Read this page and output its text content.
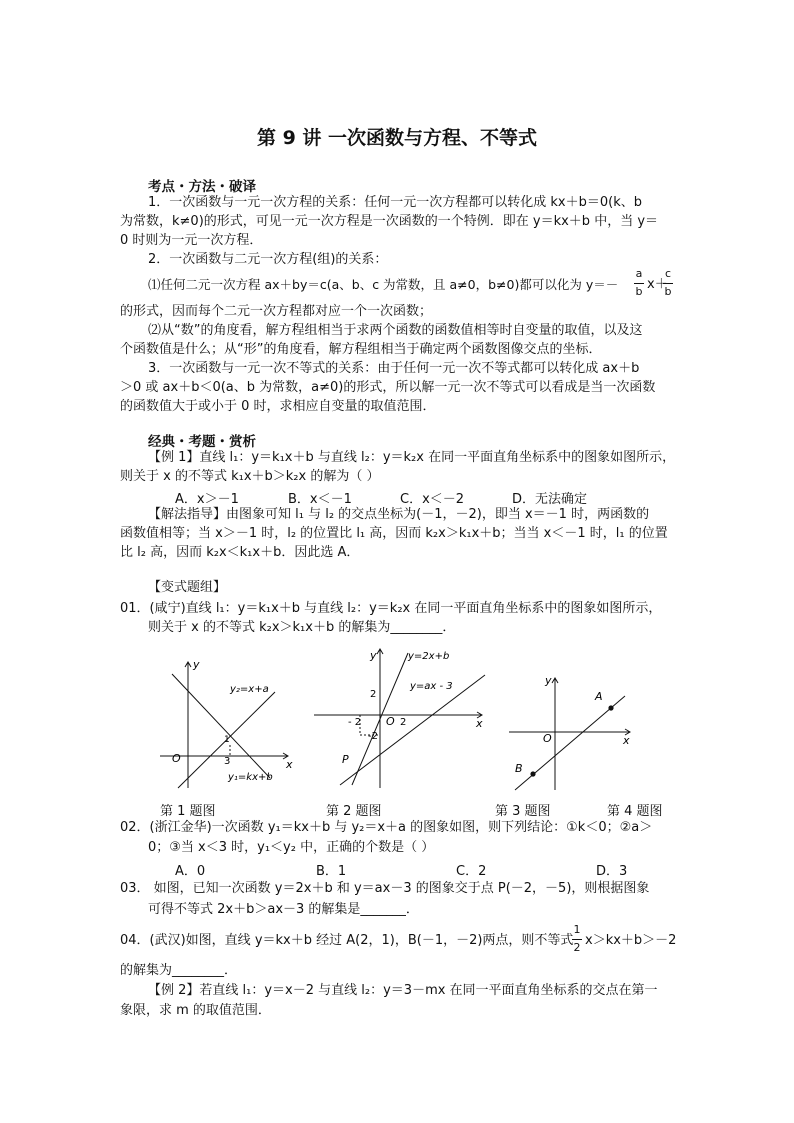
第 9 讲 一次函数与方程、不等式
考点・方法・破译
1．一次函数与一元一次方程的关系：任何一元一次方程都可以转化成 kx＋b＝0(k、b
为常数，k≠0)的形式，可见一元一次方程是一次函数的一个特例．即在 y＝kx＋b 中，当 y＝
0 时则为一元一次方程．
2．一次函数与二元一次方程(组)的关系：
⑴任何二元一次方程 ax＋by＝c(a、b、c 为常数，且 a≠0，b≠0)都可以化为 y＝－
a
b x＋
c
b
的形式，因而每个二元一次方程都对应一个一次函数；
⑵从“数”的角度看，解方程组相当于求两个函数的函数值相等时自变量的取值，以及这
个函数值是什么；从“形”的角度看，解方程组相当于确定两个函数图像交点的坐标．
3．一次函数与一元一次不等式的关系：由于任何一元一次不等式都可以转化成 ax＋b
＞0 或 ax＋b＜0(a、b 为常数，a≠0)的形式，所以解一元一次不等式可以看成是当一次函数
的函数值大于或小于 0 时，求相应自变量的取值范围．
经典・考题・赏析
【例 1】直线 l₁：y＝k₁x＋b 与直线 l₂：y＝k₂x 在同一平面直角坐标系中的图象如图所示，
则关于 x 的不等式 k₁x＋b＞k₂x 的解为（ ）
A．x＞－1	B．x＜－1	C．x＜－2	D．无法确定
【解法指导】由图象可知 l₁ 与 l₂ 的交点坐标为(－1，－2)，即当 x＝－1 时，两函数的
函数值相等；当 x＞－1 时，l₂ 的位置比 l₁ 高，因而 k₂x＞k₁x＋b；当当 x＜－1 时，l₁ 的位置
比 l₂ 高，因而 k₂x＜k₁x＋b．因此选 A．
【变式题组】
01．(咸宁)直线 l₁：y＝k₁x＋b 与直线 l₂：y＝k₂x 在同一平面直角坐标系中的图象如图所示，
则关于 x 的不等式 k₂x＞k₁x＋b 的解集为________．
y
x
O	3
1
y₂=x+a
y₁=kx+b
y
x
O
2
2
- 2
-2
P
y=2x+b
y=ax - 3	y
x
O
A
B
第 1 题图	第 2 题图	第 3 题图	第 4 题图
02．(浙江金华)一次函数 y₁＝kx＋b 与 y₂＝x＋a 的图象如图，则下列结论：①k＜0；②a＞
0；③当 x＜3 时，y₁＜y₂ 中，正确的个数是（ ）
A．0	B．1	C．2	D．3
03． 如图，已知一次函数 y＝2x＋b 和 y＝ax－3 的图象交于点 P(－2，－5)，则根据图象
可得不等式 2x＋b＞ax－3 的解集是_______．
04．(武汉)如图，直线 y＝kx＋b 经过 A(2，1)，B(－1，－2)两点，则不等式
1
2 x＞kx＋b＞－2
的解集为________．
【例 2】若直线 l₁：y＝x－2 与直线 l₂：y＝3－mx 在同一平面直角坐标系的交点在第一
象限，求 m 的取值范围．
